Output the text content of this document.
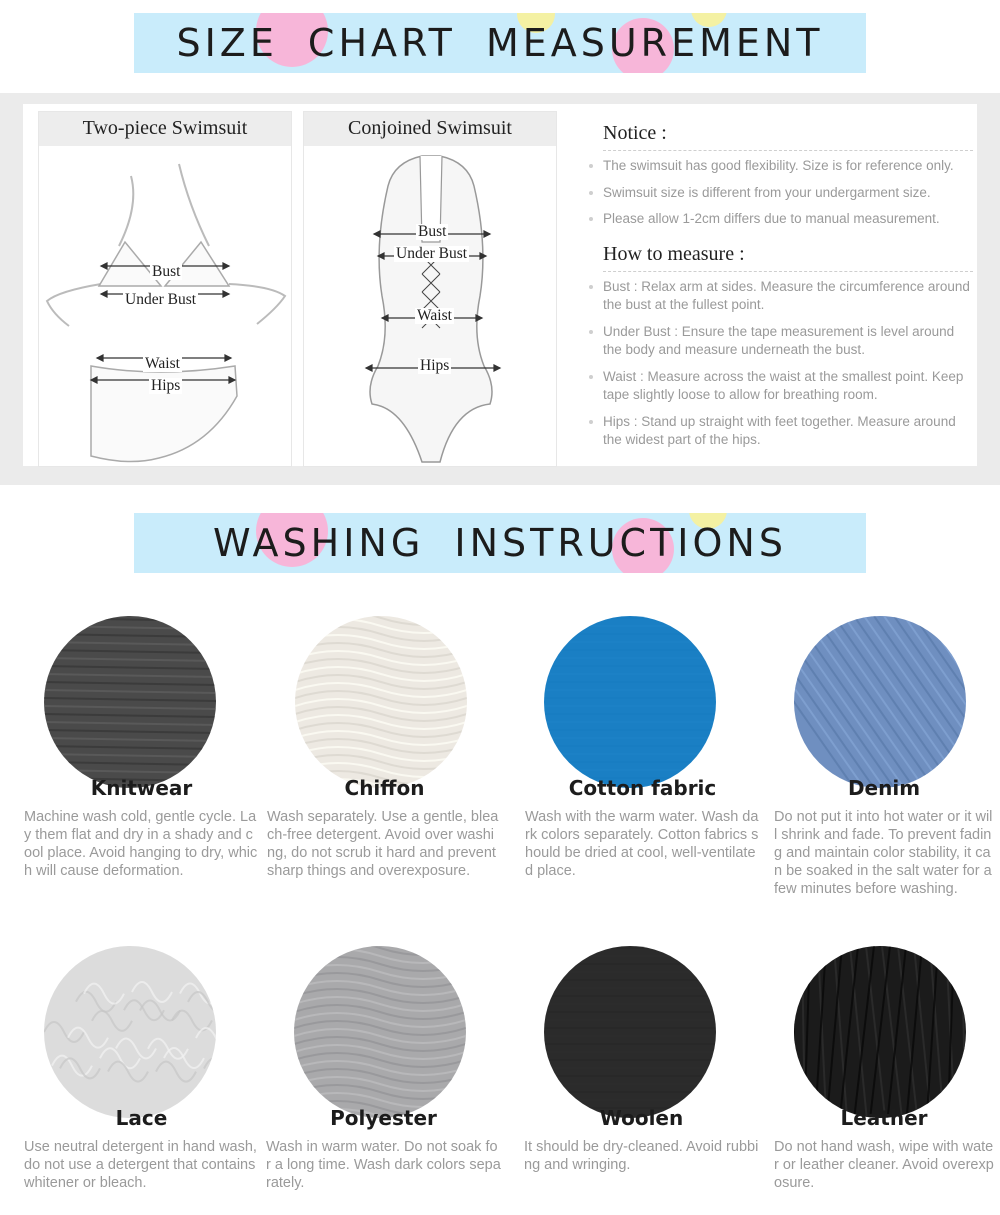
SIZE CHART MEASUREMENT
Two-piece Swimsuit
Bust
Under Bust
Waist
Hips
Conjoined Swimsuit
Bust
Under Bust
Waist
Hips
Notice :
The swimsuit has good flexibility. Size is for reference only.
Swimsuit size is different from your undergarment size.
Please allow 1-2cm differs due to manual measurement.
How to measure :
Bust : Relax arm at sides. Measure the circumference around the bust at the fullest point.
Under Bust : Ensure the tape measurement is level around the body and measure underneath the bust.
Waist : Measure across the waist at the smallest point. Keep tape slightly loose to allow for breathing room.
Hips : Stand up straight with feet together. Measure around the widest part of the hips.
WASHING INSTRUCTIONS
Knitwear
Machine wash cold, gentle cycle. Lay them flat and dry in a shady and cool place. Avoid hanging to dry, which will cause deformation.
Chiffon
Wash separately. Use a gentle, bleach-free detergent. Avoid over washing, do not scrub it hard and prevent sharp things and overexposure.
Cotton fabric
Wash with the warm water. Wash dark colors separately. Cotton fabrics should be dried at cool, well-ventilated place.
Denim
Do not put it into hot water or it will shrink and fade. To prevent fading and maintain color stability, it can be soaked in the salt water for a few minutes before washing.
Lace
Use neutral detergent in hand wash, do not use a detergent that contains whitener or bleach.
Polyester
Wash in warm water. Do not soak for a long time. Wash dark colors separately.
Woolen
It should be dry-cleaned. Avoid rubbing and wringing.
Leather
Do not hand wash, wipe with water or leather cleaner. Avoid overexposure.
